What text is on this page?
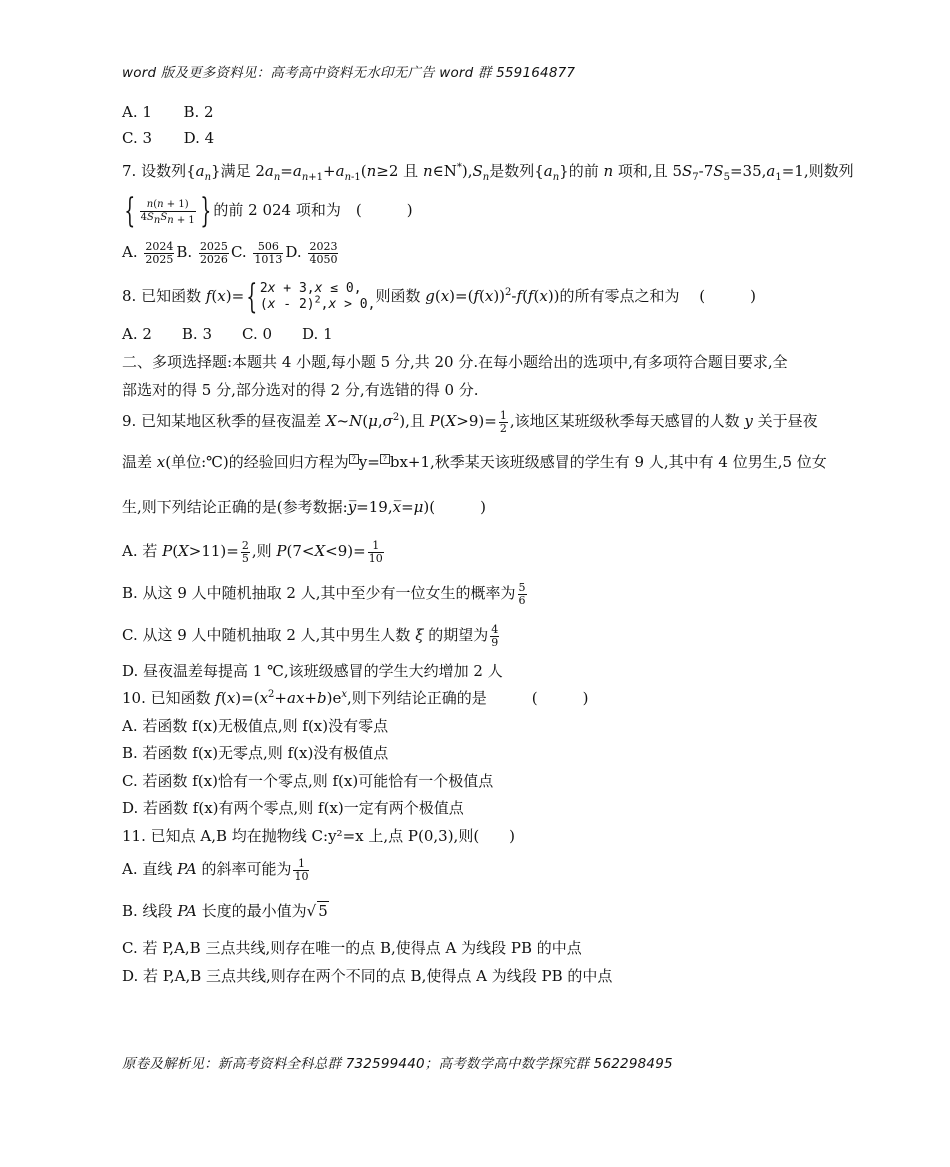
word 版及更多资料见：高考高中资料无水印无广告 word 群 559164877
A. 1 B. 2
C. 3 D. 4
7. 设数列$\{a_n\}$满足 $2a_n=a_{n+1}+a_{n-1}(n\ge 2$ 且 $n\in N^*),S_n$是数列$\{a_n\}$的前 n 项和,且 $5S_7-7S_5=35,a_1=1$,则数列
{ $\frac{n(n + 1)}{4S_nS_{n + 1}}$ } 的前 2 024 项和为　(　　　)
A. $\frac{2024}{2025} B$. $\frac{2025}{2026} C$. $\frac{506}{1013} D$. $\frac{2023}{4050}$
8. 已知函数 f(x)={ 2x + 3,x ≤ 0,
(x - 2)$^2$,x > 0, 则函数 $g(x)=(f(x))^2-f(f(x))$的所有零点之和为　 (　　　)
A. 2　　B. 3　　C. 0　　D. 1
二、多项选择题:本题共 4 小题,每小题 5 分,共 20 分.在每小题给出的选项中,有多项符合题目要求,全
部选对的得 5 分,部分选对的得 2 分,有选错的得 0 分.
9. 已知某地区秋季的昼夜温差 $X\sim N(\mu,\sigma^2)$,且 $P(X>9)= \frac{1}{2}$ ,该地区某班级秋季每天感冒的人数 y 关于昼夜
温差 x(单位:℃)的经验回归方程为 ? y= ? bx+1,秋季某天该班级感冒的学生有 9 人,其中有 4 位男生,5 位女
生,则下列结论正确的是(参考数据:y̅=19,x̅=μ)(　　　)
A. 若 $P(X>11)= \frac{2}{5}$ ,则 $P(7<X<9)= \frac{1}{10}$
B. 从这 9 人中随机抽取 2 人,其中至少有一位女生的概率为 $\frac{5}{6}$
C. 从这 9 人中随机抽取 2 人,其中男生人数 ξ 的期望为 $\frac{4}{9}$
D. 昼夜温差每提高 1 ℃,该班级感冒的学生大约增加 2 人
10. 已知函数 $f(x)=(x^2+ax+b)e^x$,则下列结论正确的是　　　(　　　)
A. 若函数 f(x)无极值点,则 f(x)没有零点
B. 若函数 f(x)无零点,则 f(x)没有极值点
C. 若函数 f(x)恰有一个零点,则 f(x)可能恰有一个极值点
D. 若函数 f(x)有两个零点,则 f(x)一定有两个极值点
11. 已知点 A,B 均在抛物线 C:y²=x 上,点 P(0,3),则(　　)
A. 直线 PA 的斜率可能为 $\frac{1}{10}$
B. 线段 PA 长度的最小值为√ 5
C. 若 P,A,B 三点共线,则存在唯一的点 B,使得点 A 为线段 PB 的中点
D. 若 P,A,B 三点共线,则存在两个不同的点 B,使得点 A 为线段 PB 的中点
原卷及解析见：新高考资料全科总群 732599440；高考数学高中数学探究群 562298495
